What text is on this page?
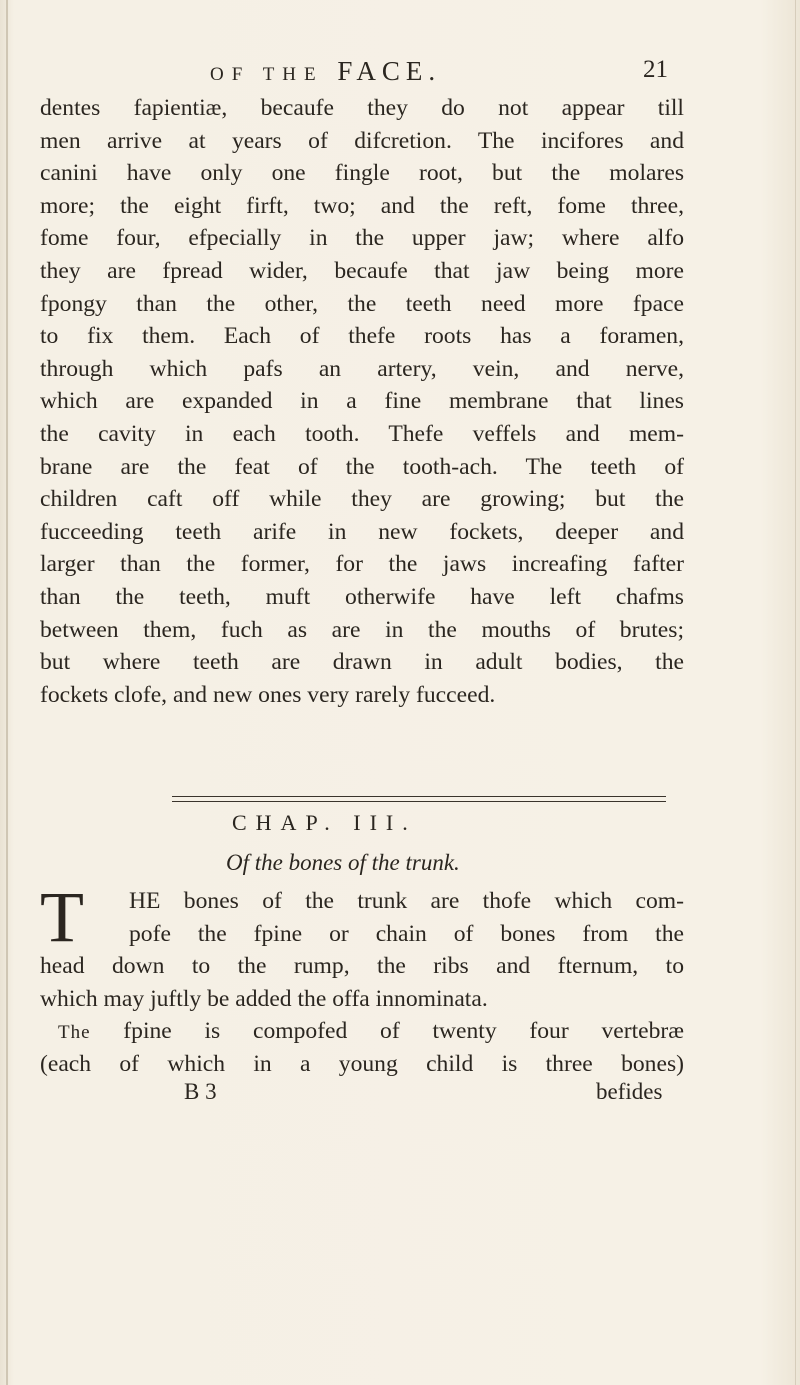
OF THE FACE.	21
dentes fapientiæ, becaufe they do not appear till
men arrive at years of difcretion. The incifores and
canini have only one fingle root, but the molares
more; the eight firft, two; and the reft, fome three,
fome four, efpecially in the upper jaw; where alfo
they are fpread wider, becaufe that jaw being more
fpongy than the other, the teeth need more fpace
to fix them. Each of thefe roots has a foramen,
through which pafs an artery, vein, and nerve,
which are expanded in a fine membrane that lines
the cavity in each tooth. Thefe veffels and mem-
brane are the feat of the tooth-ach. The teeth of
children caft off while they are growing; but the
fucceeding teeth arife in new fockets, deeper and
larger than the former, for the jaws increafing fafter
than the teeth, muft otherwife have left chafms
between them, fuch as are in the mouths of brutes;
but where teeth are drawn in adult bodies, the
fockets clofe, and new ones very rarely fucceed.
CHAP. III.
Of the bones of the trunk.
T	HE bones of the trunk are thofe which com-
pofe the fpine or chain of bones from the
head down to the rump, the ribs and fternum, to
which may juftly be added the offa innominata.
The fpine is compofed of twenty four vertebræ
(each of which in a young child is three bones)
B 3	befides
